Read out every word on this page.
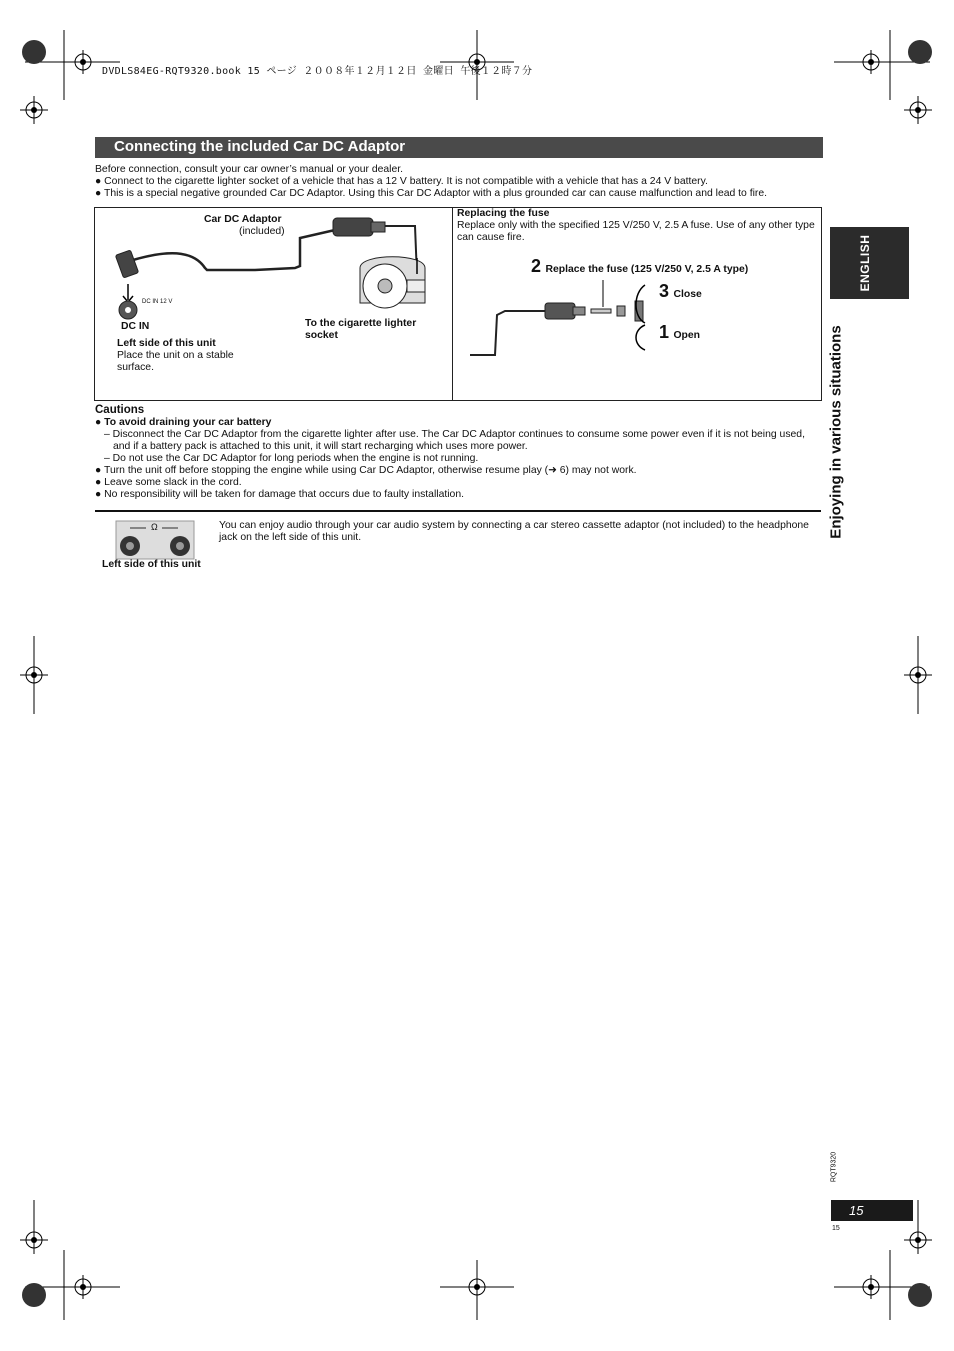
DVDLS84EG-RQT9320.book 15 ページ ２００８年１２月１２日 金曜日 午後１２時７分
Connecting the included Car DC Adaptor

Before connection, consult your car owner’s manual or your dealer.

● Connect to the cigarette lighter socket of a vehicle that has a 12 V battery. It is not compatible with a vehicle that has a 24 V battery.

● This is a special negative grounded Car DC Adaptor. Using this Car DC Adaptor with a plus grounded car can cause malfunction and lead to fire.

Car DC Adaptor
(included)
DC IN 12 V
DC IN	To the cigarette lighter
socket
Left side of this unit
Place the unit on a stable
surface.
Replacing the fuse
Replace only with the specified 125 V/250 V, 2.5 A fuse. Use of any other type can cause fire.
2 Replace the fuse (125 V/250 V, 2.5 A type)
3 Close
1 Open

Cautions

● To avoid draining your car battery

– Disconnect the Car DC Adaptor from the cigarette lighter after use. The Car DC Adaptor continues to consume some power even if it is not being used, and if a battery pack is attached to this unit, it will start recharging which uses more power.

– Do not use the Car DC Adaptor for long periods when the engine is not running.

● Turn the unit off before stopping the engine while using Car DC Adaptor, otherwise resume play (➜ 6) may not work.

● Leave some slack in the cord.

● No responsibility will be taken for damage that occurs due to faulty installation.

Ω
Left side of this unit
You can enjoy audio through your car audio system by connecting a car stereo cassette adaptor (not included) to the headphone jack on the left side of this unit.
ENGLISH
Enjoying in various situations
RQT9320
15
15
